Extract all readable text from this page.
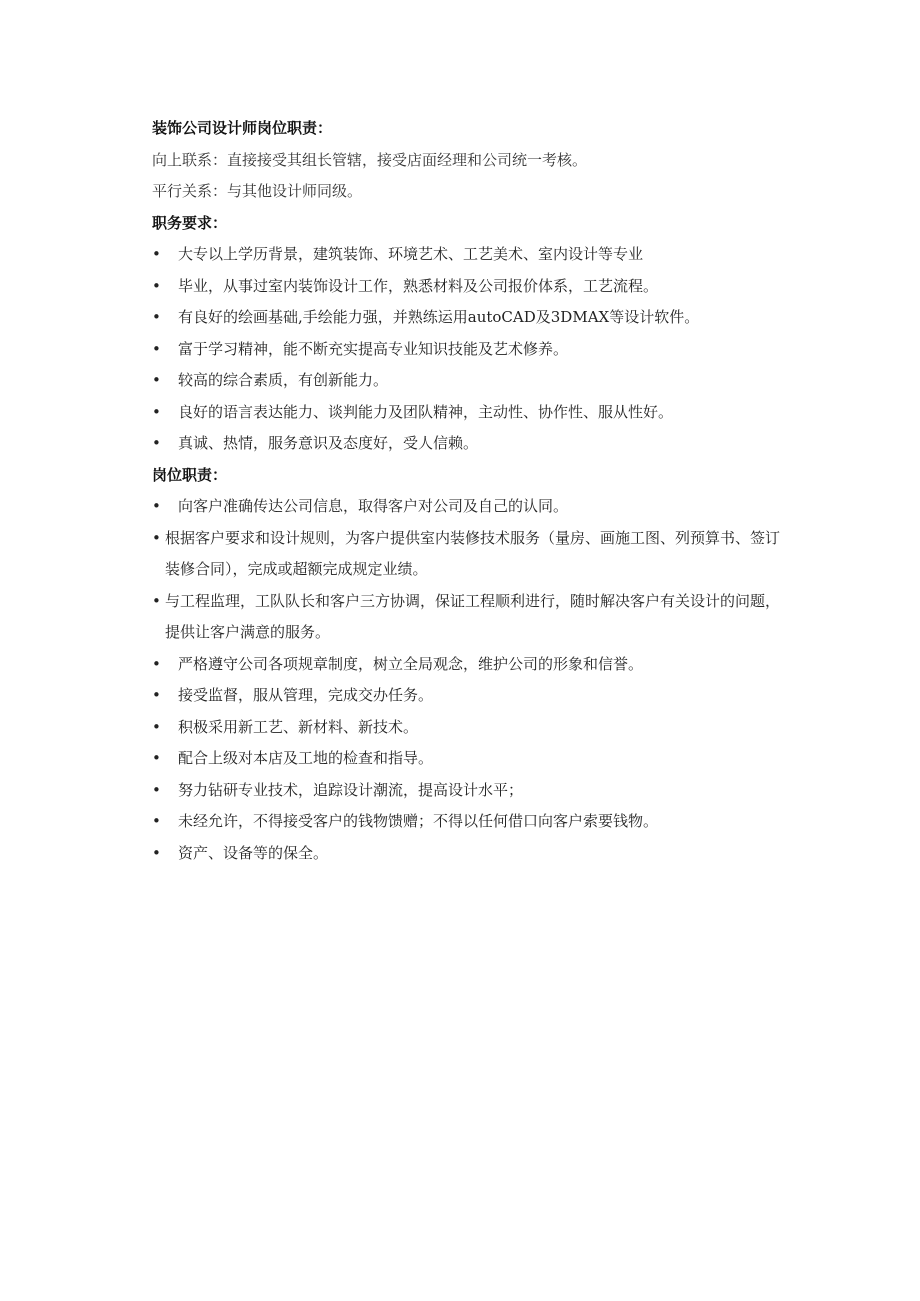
装饰公司设计师岗位职责：
向上联系：直接接受其组长管辖，接受店面经理和公司统一考核。
平行关系：与其他设计师同级。
职务要求：
•	大专以上学历背景，建筑装饰、环境艺术、工艺美术、室内设计等专业
•	毕业，从事过室内装饰设计工作，熟悉材料及公司报价体系，工艺流程。
•	有良好的绘画基础,手绘能力强，并熟练运用autoCAD及3DMAX等设计软件。
•	富于学习精神，能不断充实提高专业知识技能及艺术修养。
•	较高的综合素质，有创新能力。
•	良好的语言表达能力、谈判能力及团队精神，主动性、协作性、服从性好。
•	真诚、热情，服务意识及态度好，受人信赖。
岗位职责：
•	向客户准确传达公司信息，取得客户对公司及自己的认同。
• 根据客户要求和设计规则，为客户提供室内装修技术服务（量房、画施工图、列预算书、签订装修合同），完成或超额完成规定业绩。
• 与工程监理，工队队长和客户三方协调，保证工程顺利进行，随时解决客户有关设计的问题，提供让客户满意的服务。
•	严格遵守公司各项规章制度，树立全局观念，维护公司的形象和信誉。
•	接受监督，服从管理，完成交办任务。
•	积极采用新工艺、新材料、新技术。
•	配合上级对本店及工地的检查和指导。
•	努力钻研专业技术，追踪设计潮流，提高设计水平；
•	未经允许，不得接受客户的钱物馈赠；不得以任何借口向客户索要钱物。
•	资产、设备等的保全。
